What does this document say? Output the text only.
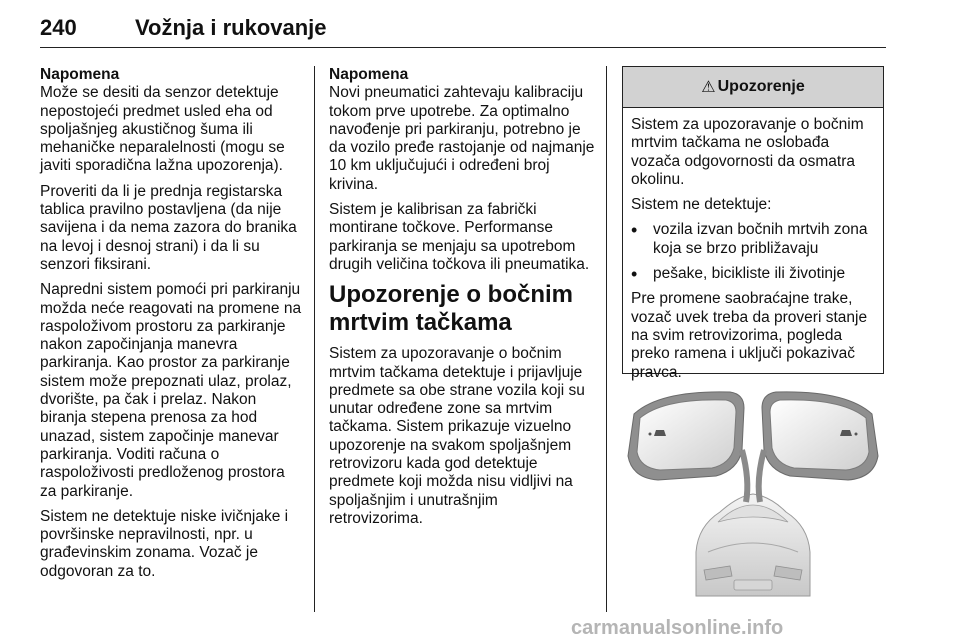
240	Vožnja i rukovanje
Napomena

Može se desiti da senzor detektuje nepostojeći predmet usled eha od spoljašnjeg akustičnog šuma ili mehaničke neparalelnosti (mogu se javiti sporadična lažna upozorenja).

Proveriti da li je prednja registarska tablica pravilno postavljena (da nije savijena i da nema zazora do branika na levoj i desnoj strani) i da li su senzori fiksirani.

Napredni sistem pomoći pri parkiranju možda neće reagovati na promene na raspoloživom prostoru za parkiranje nakon započinjanja manevra parkiranja. Kao prostor za parkiranje sistem može prepoznati ulaz, prolaz, dvorište, pa čak i prelaz. Nakon biranja stepena prenosa za hod unazad, sistem započinje manevar parkiranja. Voditi računa o raspoloživosti predloženog prostora za parkiranje.

Sistem ne detektuje niske ivičnjake i površinske nepravilnosti, npr. u građevinskim zonama. Vozač je odgovoran za to.

Napomena

Novi pneumatici zahtevaju kalibraciju tokom prve upotrebe. Za optimalno navođenje pri parkiranju, potrebno je da vozilo pređe rastojanje od najmanje 10 km uključujući i određeni broj krivina.

Sistem je kalibrisan za fabrički montirane točkove. Performanse parkiranja se menjaju sa upotrebom drugih veličina točkova ili pneumatika.

Upozorenje o bočnim mrtvim tačkama

Sistem za upozoravanje o bočnim mrtvim tačkama detektuje i prijavljuje predmete sa obe strane vozila koji su unutar određene zone sa mrtvim tačkama. Sistem prikazuje vizuelno upozorenje na svakom spoljašnjem retrovizoru kada god detektuje predmete koji možda nisu vidljivi na spoljašnjim i unutrašnjim retrovizorima.

⚠ Upozorenje

Sistem za upozoravanje o bočnim mrtvim tačkama ne oslobađa vozača odgovornosti da osmatra okolinu.

Sistem ne detektuje:

• vozila izvan bočnih mrtvih zona koja se brzo približavaju
• pešake, bicikliste ili životinje

Pre promene saobraćajne trake, vozač uvek treba da proveri stanje na svim retrovizorima, pogleda preko ramena i uključi pokazivač pravca.

carmanualsonline.info
